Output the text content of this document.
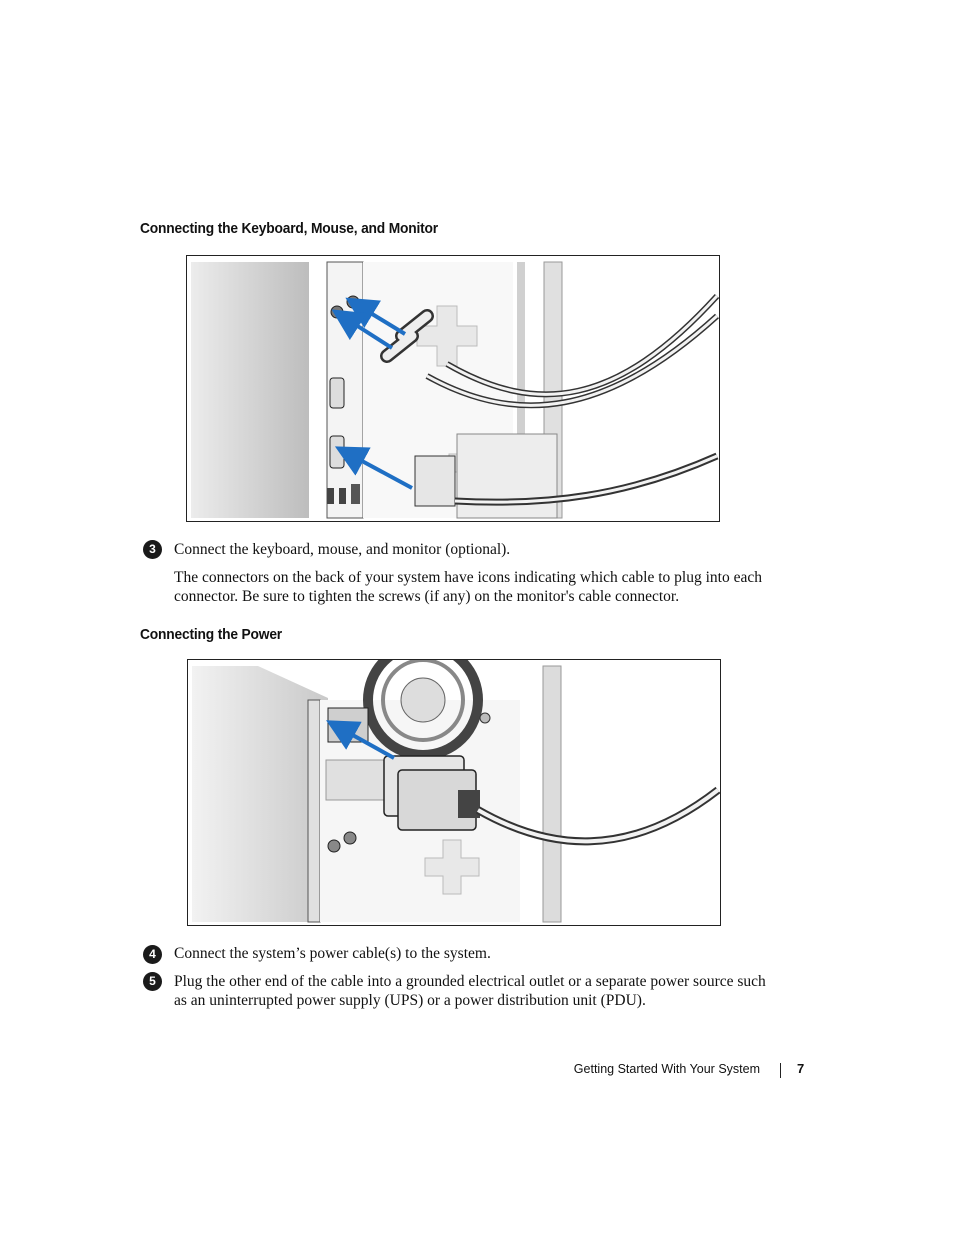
Connecting the Keyboard, Mouse, and Monitor
3	Connect the keyboard, mouse, and monitor (optional).

The connectors on the back of your system have icons indicating which cable to plug into each connector. Be sure to tighten the screws (if any) on the monitor's cable connector.

Connecting the Power
4	Connect the system’s power cable(s) to the system.
5	Plug the other end of the cable into a grounded electrical outlet or a separate power source such as an uninterrupted power supply (UPS) or a power distribution unit (PDU).
Getting Started With Your System	7
